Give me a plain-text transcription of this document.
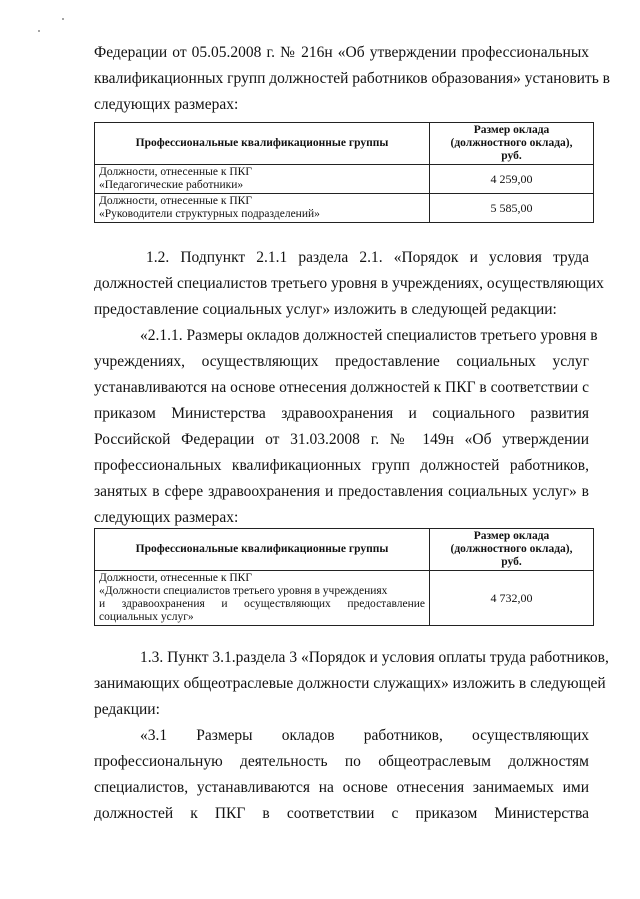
Федерации от 05.05.2008 г. № 216н «Об утверждении профессиональных
квалификационных групп должностей работников образования» установить в
следующих размерах:
Профессиональные квалификационные группы	Размер оклада
(должностного оклада),
руб.

Должности, отнесенные к ПКГ
«Педагогические работники»	4 259,00

Должности, отнесенные к ПКГ
«Руководители структурных подразделений»	5 585,00
1.2. Подпункт 2.1.1 раздела 2.1. «Порядок и условия труда
должностей специалистов третьего уровня в учреждениях, осуществляющих
предоставление социальных услуг» изложить в следующей редакции:
«2.1.1. Размеры окладов должностей специалистов третьего уровня в
учреждениях, осуществляющих предоставление социальных услуг
устанавливаются на основе отнесения должностей к ПКГ в соответствии с
приказом Министерства здравоохранения и социального развития
Российской Федерации от 31.03.2008 г. № 149н «Об утверждении
профессиональных квалификационных групп должностей работников,
занятых в сфере здравоохранения и предоставления социальных услуг» в
следующих размерах:
Профессиональные квалификационные группы	Размер оклада
(должностного оклада),
руб.

Должности, отнесенные к ПКГ
«Должности специалистов третьего уровня в учреждениях
и здравоохранения и осуществляющих предоставление
социальных услуг»	4 732,00
1.3. Пункт 3.1.раздела 3 «Порядок и условия оплаты труда работников,
занимающих общеотраслевые должности служащих» изложить в следующей
редакции:
«3.1 Размеры окладов работников, осуществляющих
профессиональную деятельность по общеотраслевым должностям
специалистов, устанавливаются на основе отнесения занимаемых ими
должностей к ПКГ в соответствии с приказом Министерства
